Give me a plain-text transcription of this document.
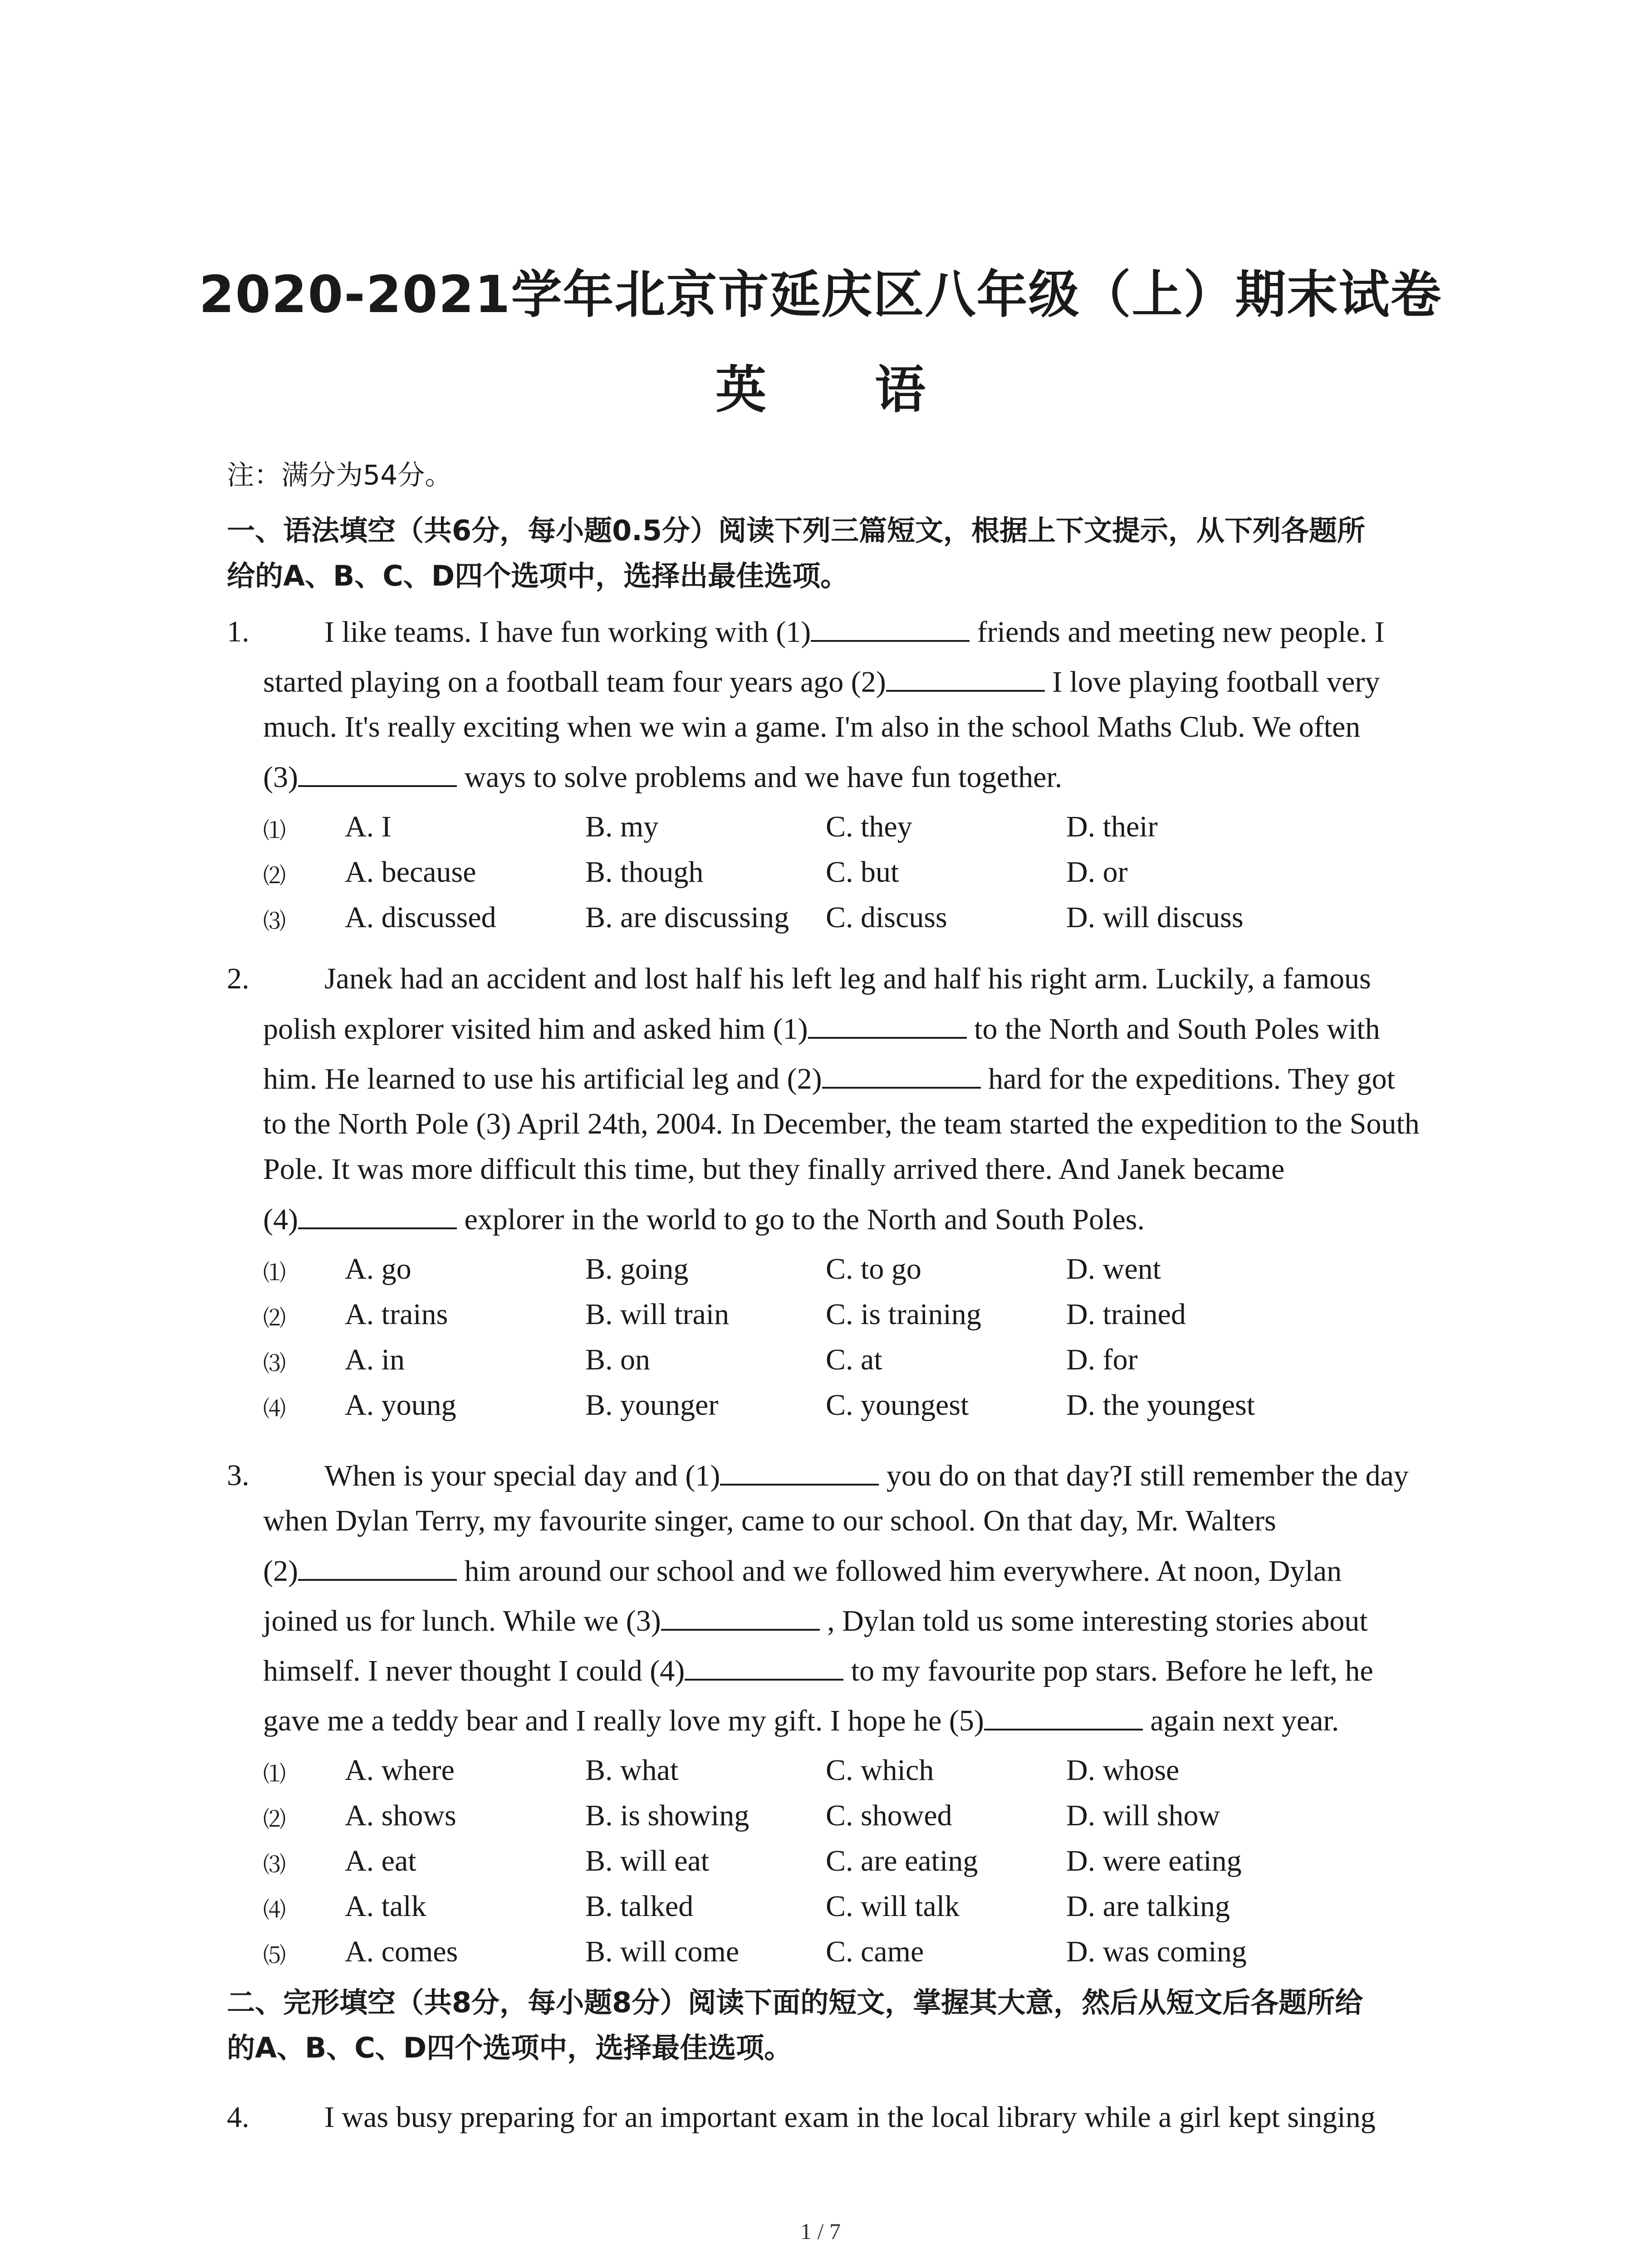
2020-2021学年北京市延庆区八年级（上）期末试卷
英 语
注：满分为54分。
一、语法填空（共6分，每小题0.5分）阅读下列三篇短文，根据上下文提示，从下列各题所
给的A、B、C、D四个选项中，选择出最佳选项。
1.	I like teams. I have fun working with (1)	friends and meeting new people. I
started playing on a football team four years ago (2)	I love playing football very
much. It's really exciting when we win a game. I'm also in the school Maths Club. We often
(3)	ways to solve problems and we have fun together.
⑴ A. I	B. my	C. they	D. their
⑵ A. because	B. though	C. but	D. or
⑶ A. discussed	B. are discussing C. discuss	D. will discuss
2.	Janek had an accident and lost half his left leg and half his right arm. Luckily, a famous
polish explorer visited him and asked him (1)	to the North and South Poles with
him. He learned to use his artificial leg and (2)	hard for the expeditions. They got
to the North Pole (3) April 24th, 2004. In December, the team started the expedition to the South
Pole. It was more difficult this time, but they finally arrived there. And Janek became
(4)	explorer in the world to go to the North and South Poles.
⑴ A. go	B. going	C. to go	D. went
⑵ A. trains	B. will train	C. is training	D. trained
⑶ A. in	B. on	C. at	D. for
⑷ A. young	B. younger	C. youngest	D. the youngest
3.	When is your special day and (1)	you do on that day?I still remember the day
when Dylan Terry, my favourite singer, came to our school. On that day, Mr. Walters
(2)	him around our school and we followed him everywhere. At noon, Dylan
joined us for lunch. While we (3)	, Dylan told us some interesting stories about
himself. I never thought I could (4)	to my favourite pop stars. Before he left, he
gave me a teddy bear and I really love my gift. I hope he (5)	again next year.
⑴ A. where	B. what	C. which	D. whose
⑵ A. shows	B. is showing	C. showed	D. will show
⑶ A. eat	B. will eat	C. are eating	D. were eating
⑷ A. talk	B. talked	C. will talk	D. are talking
⑸ A. comes	B. will come	C. came	D. was coming
二、完形填空（共8分，每小题8分）阅读下面的短文，掌握其大意，然后从短文后各题所给
的A、B、C、D四个选项中，选择最佳选项。
4.	I was busy preparing for an important exam in the local library while a girl kept singing
1 / 7
